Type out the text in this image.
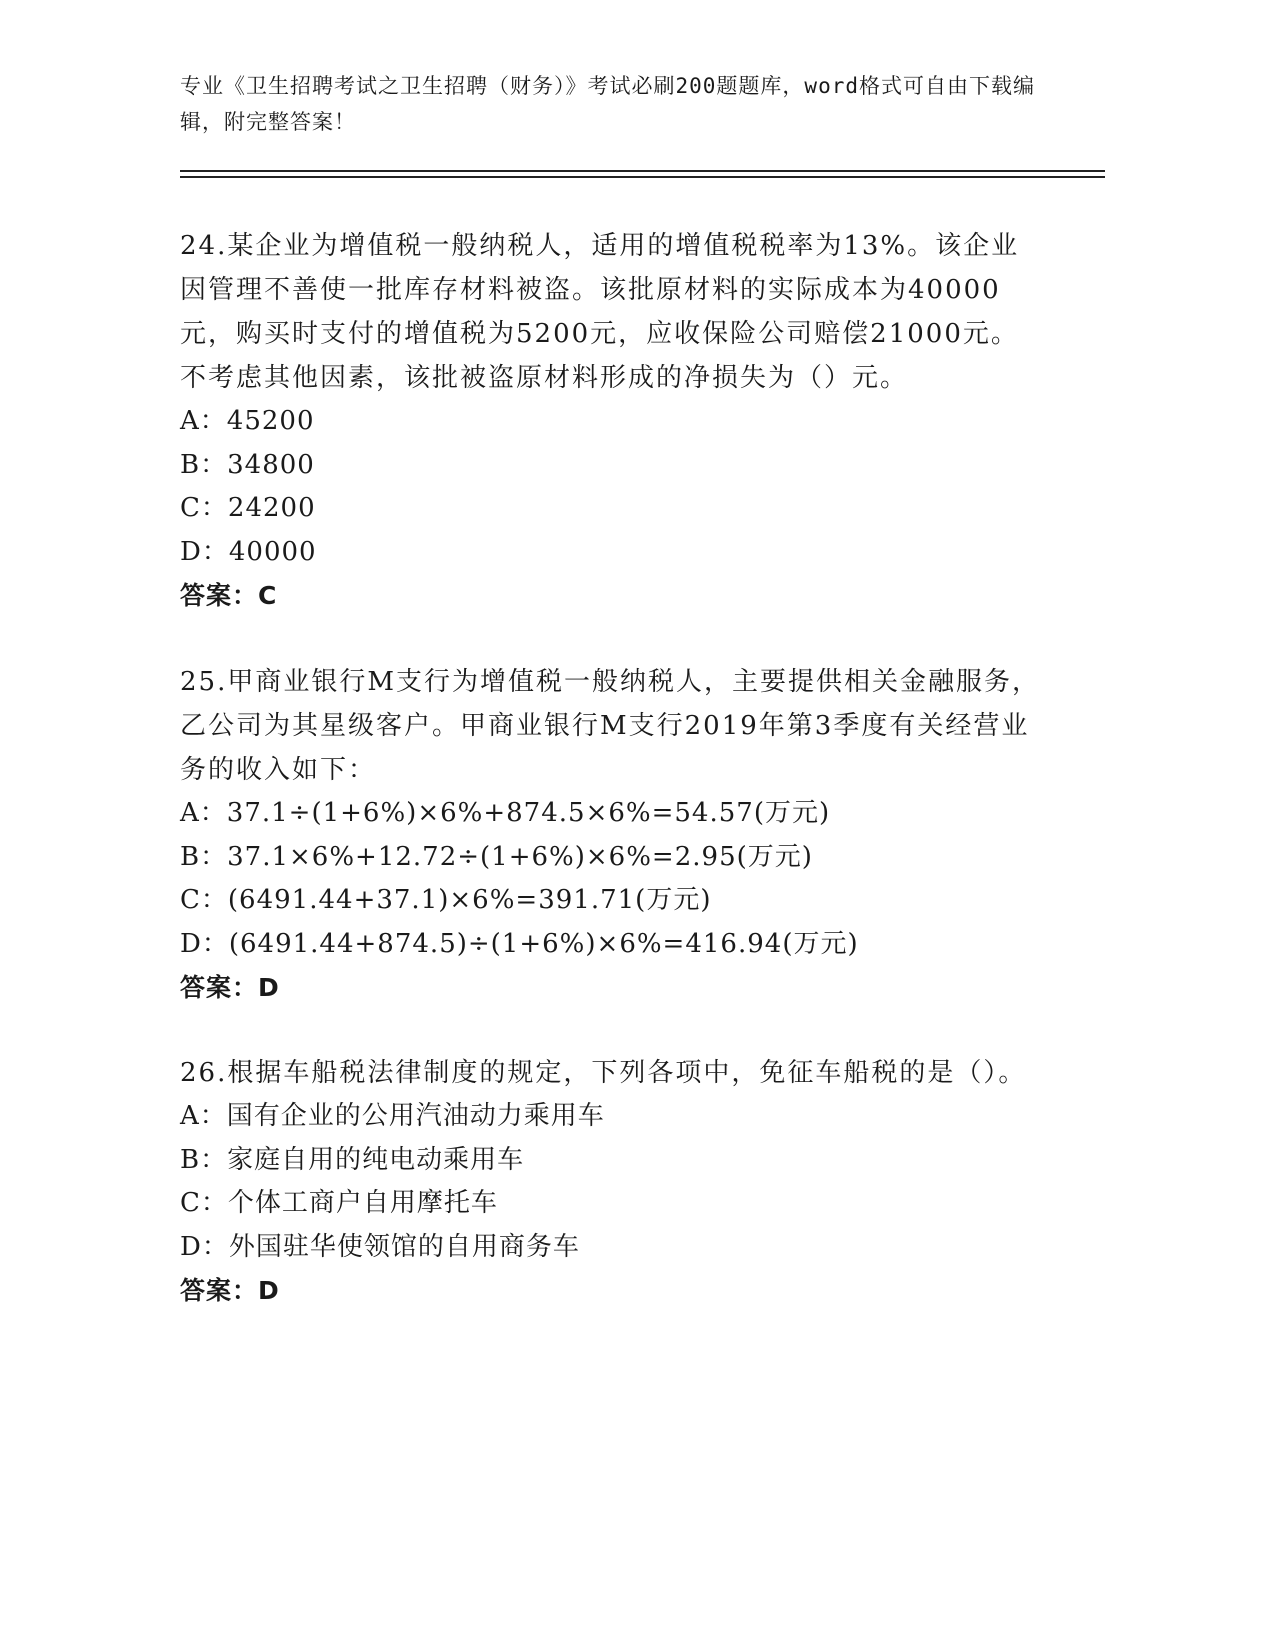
专业《卫生招聘考试之卫生招聘（财务）》考试必刷200题题库，word格式可自由下载编辑，附完整答案！

24.某企业为增值税一般纳税人，适用的增值税税率为13%。该企业因管理不善使一批库存材料被盗。该批原材料的实际成本为40000元，购买时支付的增值税为5200元，应收保险公司赔偿21000元。不考虑其他因素，该批被盗原材料形成的净损失为（）元。

A： 45200
B： 34800
C： 24200
D： 40000
答案：C

25.甲商业银行M支行为增值税一般纳税人，主要提供相关金融服务，乙公司为其星级客户。甲商业银行M支行2019年第3季度有关经营业务的收入如下：

A： 37.1÷(1+6%)×6%+874.5×6%=54.57(万元)
B： 37.1×6%+12.72÷(1+6%)×6%=2.95(万元)
C： (6491.44+37.1)×6%=391.71(万元)
D： (6491.44+874.5)÷(1+6%)×6%=416.94(万元)
答案：D

26.根据车船税法律制度的规定，下列各项中，免征车船税的是（）。

A： 国有企业的公用汽油动力乘用车
B： 家庭自用的纯电动乘用车
C： 个体工商户自用摩托车
D： 外国驻华使领馆的自用商务车
答案：D
